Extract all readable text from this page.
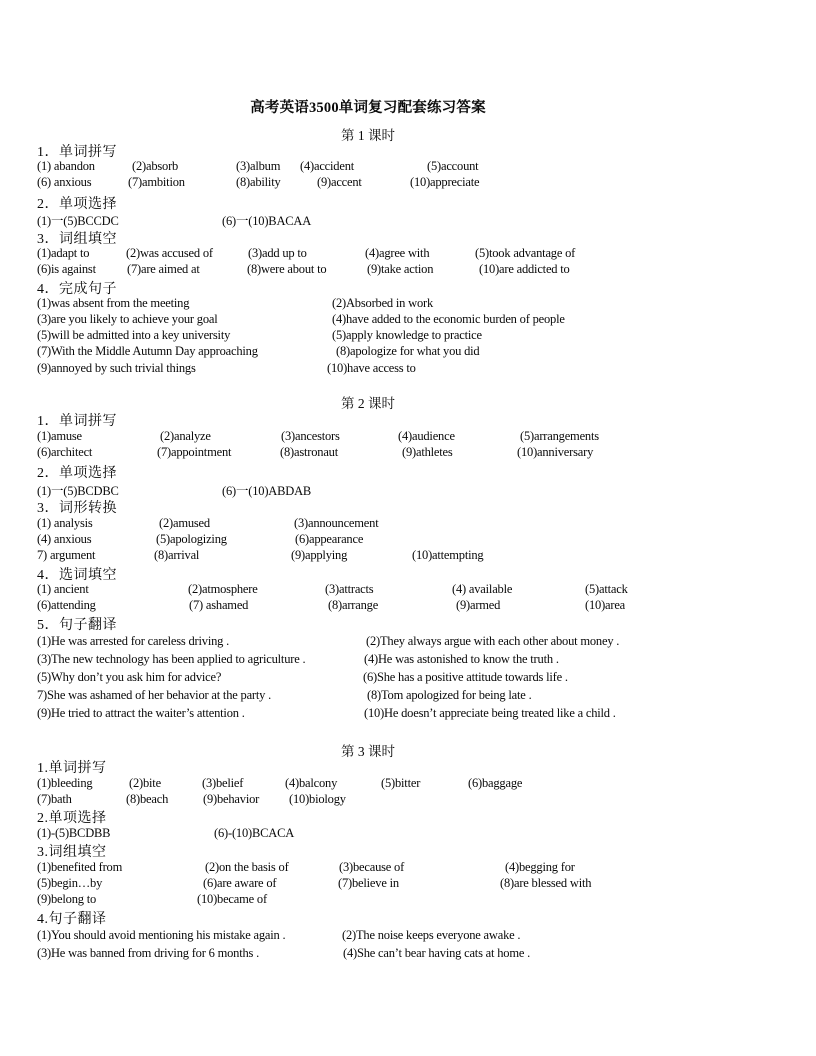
高考英语3500单词复习配套练习答案
第 1 课时
1．单词拼写
(1) abandon	(2)absorb	(3)album (4)accident	(5)account
(6) anxious	(7)ambition	(8)ability	(9)accent	(10)appreciate
2．单项选择
(1)一(5)BCCDC	(6)一(10)BACAA
3．词组填空
(1)adapt to	(2)was accused of	(3)add up to	(4)agree with	(5)took advantage of
(6)is against (7)are aimed at	(8)were about to	(9)take action	(10)are addicted to
4．完成句子
(1)was absent from the meeting	(2)Absorbed in work
(3)are you likely to achieve your goal	(4)have added to the economic burden of people
(5)will be admitted into a key university	(5)apply knowledge to practice
(7)With the Middle Autumn Day approaching	(8)apologize for what you did
(9)annoyed by such trivial things	(10)have access to
第 2 课时
1．单词拼写
(1)amuse	(2)analyze	(3)ancestors	(4)audience	(5)arrangements
(6)architect	(7)appointment	(8)astronaut	(9)athletes	(10)anniversary
2．单项选择
(1)一(5)BCDBC	(6)一(10)ABDAB
3．词形转换
(1) analysis	(2)amused	(3)announcement
(4) anxious	(5)apologizing	(6)appearance
7) argument	(8)arrival	(9)applying	(10)attempting
4．选词填空
(1) ancient	(2)atmosphere	(3)attracts	(4) available	(5)attack
(6)attending	(7) ashamed	(8)arrange	(9)armed	(10)area
5．句子翻译
(1)He was arrested for careless driving .	(2)They always argue with each other about money .
(3)The new technology has been applied to agriculture .	(4)He was astonished to know the truth .
(5)Why don’t you ask him for advice?	(6)She has a positive attitude towards life .
7)She was ashamed of her behavior at the party .	(8)Tom apologized for being late .
(9)He tried to attract the waiter’s attention .	(10)He doesn’t appreciate being treated like a child .
第 3 课时
1.单词拼写
(1)bleeding	(2)bite	(3)belief	(4)balcony	(5)bitter	(6)baggage
(7)bath	(8)beach	(9)behavior (10)biology
2.单项选择
(1)-(5)BCDBB	(6)-(10)BCACA
3.词组填空
(1)benefited from	(2)on the basis of	(3)because of	(4)begging for
(5)begin…by	(6)are aware of	(7)believe in	(8)are blessed with
(9)belong to	(10)became of
4.句子翻译
(1)You should avoid mentioning his mistake again .	(2)The noise keeps everyone awake .
(3)He was banned from driving for 6 months .	(4)She can’t bear having cats at home .
